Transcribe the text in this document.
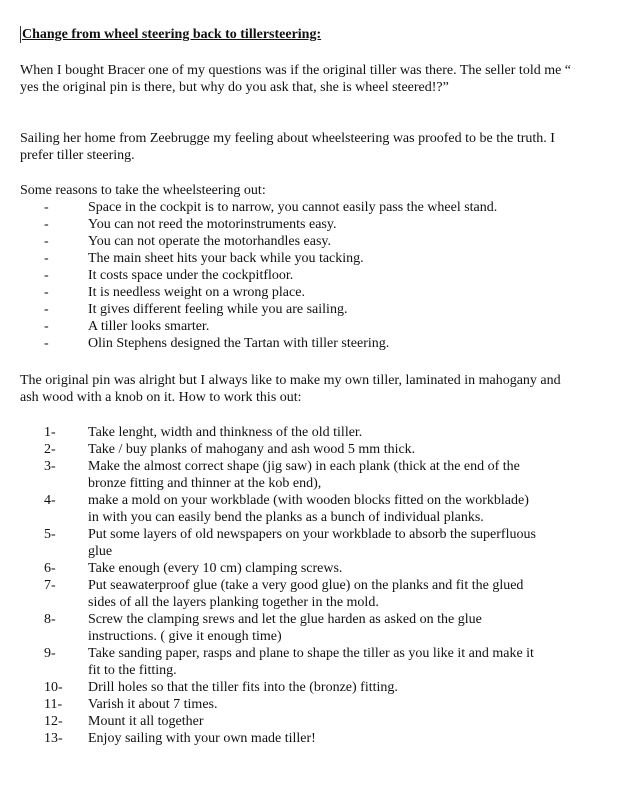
Change from wheel steering back to tillersteering:

When I bought Bracer one of my questions was if the original tiller was there. The seller told me “ yes the original pin is there, but why do you ask that, she is wheel steered!?”

Sailing her home from Zeebrugge my feeling about wheelsteering was proofed to be the truth. I prefer tiller steering.

Some reasons to take the wheelsteering out:

-	Space in the cockpit is to narrow, you cannot easily pass the wheel stand.
-	You can not reed the motorinstruments easy.
-	You can not operate the motorhandles easy.
-	The main sheet hits your back while you tacking.
-	It costs space under the cockpitfloor.
-	It is needless weight on a wrong place.
-	It gives different feeling while you are sailing.
-	A tiller looks smarter.
-	Olin Stephens designed the Tartan with tiller steering.

The original pin was alright but I always like to make my own tiller, laminated in mahogany and ash wood with a knob on it. How to work this out:

1-	Take lenght, width and thinkness of the old tiller.
2-	Take / buy planks of mahogany and ash wood 5 mm thick.
3-	Make the almost correct shape (jig saw) in each plank (thick at the end of the bronze fitting and thinner at the kob end),
4-	make a mold on your workblade (with wooden blocks fitted on the workblade) in with you can easily bend the planks as a bunch of individual planks.
5-	Put some layers of old newspapers on your workblade to absorb the superfluous glue
6-	Take enough (every 10 cm) clamping screws.
7-	Put seawaterproof glue (take a very good glue) on the planks and fit the glued sides of all the layers planking together in the mold.
8-	Screw the clamping srews and let the glue harden as asked on the glue instructions. ( give it enough time)
9-	Take sanding paper, rasps and plane to shape the tiller as you like it and make it fit to the fitting.
10-	Drill holes so that the tiller fits into the (bronze) fitting.
11-	Varish it about 7 times.
12-	Mount it all together
13-	Enjoy sailing with your own made tiller!
